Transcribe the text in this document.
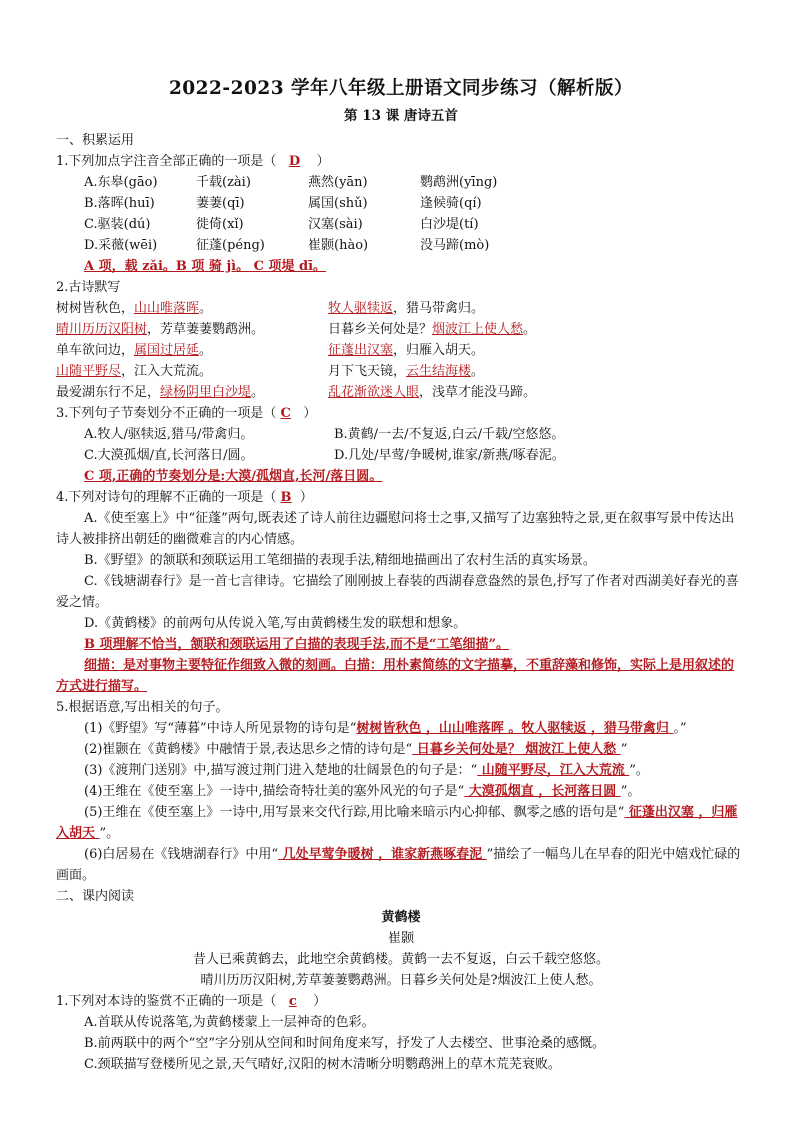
2022-2023 学年八年级上册语文同步练习（解析版）
第 13 课 唐诗五首
一、积累运用
1.下列加点字注音全部正确的一项是（ D ）
A.东皋(gāo)	千载(zài)	燕然(yān)	鹦鹉洲(yīng)
B.落晖(huī)	萋萋(qī)	属国(shǔ)	逢候骑(qí)
C.驱装(dú)	徙倚(xǐ)	汉塞(sài)	白沙堤(tí)
D.采薇(wēi)	征蓬(péng)	崔颢(hào)	没马蹄(mò)
A 项，载 zǎi。B 项 骑 jì。 C 项堤 dī。
2.古诗默写
树树皆秋色，山山唯落晖。	牧人驱犊返，猎马带禽归。
晴川历历汉阳树，芳草萋萋鹦鹉洲。	日暮乡关何处是？烟波江上使人愁。
单车欲问边，属国过居延。	征蓬出汉塞，归雁入胡天。
山随平野尽，江入大荒流。	月下飞天镜，云生结海楼。
最爱湖东行不足，绿杨阴里白沙堤。	乱花渐欲迷人眼，浅草才能没马蹄。
3.下列句子节奏划分不正确的一项是（ C ）
A.牧人/驱犊返,猎马/带禽归。	B.黄鹤/一去/不复返,白云/千载/空悠悠。
C.大漠孤烟/直,长河落日/圆。	D.几处/早莺/争暖树,谁家/新燕/啄春泥。
C 项,正确的节奏划分是:大漠/孤烟直,长河/落日圆。
4.下列对诗句的理解不正确的一项是（ B ）
A.《使至塞上》中“征蓬”两句,既表述了诗人前往边疆慰问将士之事,又描写了边塞独特之景,更在叙事写景中传达出诗人被排挤出朝廷的幽微难言的内心情感。
B.《野望》的颔联和颈联运用工笔细描的表现手法,精细地描画出了农村生活的真实场景。
C.《钱塘湖春行》是一首七言律诗。它描绘了刚刚披上春装的西湖春意盎然的景色,抒写了作者对西湖美好春光的喜爱之情。
D.《黄鹤楼》的前两句从传说入笔,写由黄鹤楼生发的联想和想象。
B 项理解不恰当，颔联和颈联运用了白描的表现手法,而不是“工笔细描”。
细描：是对事物主要特征作细致入微的刻画。白描：用朴素简练的文字描摹，不重辞藻和修饰，实际上是用叙述的方式进行描写。
5.根据语意,写出相关的句子。
(1)《野望》写“薄暮”中诗人所见景物的诗句是“树树皆秋色 ，山山唯落晖 。牧人驱犊返 ，猎马带禽归 。”
(2)崔颢在《黄鹤楼》中融情于景,表达思乡之情的诗句是“ 日暮乡关何处是？ 烟波江上使人愁 ”
(3)《渡荆门送别》中,描写渡过荆门进入楚地的壮阔景色的句子是：“ 山随平野尽，江入大荒流 ”。
(4)王维在《使至塞上》一诗中,描绘奇特壮美的塞外风光的句子是“ 大漠孤烟直 ，长河落日圆 ”。
(5)王维在《使至塞上》一诗中,用写景来交代行踪,用比喻来暗示内心抑郁、飘零之感的语句是“ 征蓬出汉塞 ，归雁入胡天 ”。
(6)白居易在《钱塘湖春行》中用“ 几处早莺争暖树 ，谁家新燕啄春泥 ”描绘了一幅鸟儿在早春的阳光中嬉戏忙碌的画面。
二、课内阅读
黄鹤楼
崔颢
昔人已乘黄鹤去，此地空余黄鹤楼。黄鹤一去不复返，白云千载空悠悠。
晴川历历汉阳树,芳草萋萋鹦鹉洲。日暮乡关何处是?烟波江上使人愁。
1.下列对本诗的鉴赏不正确的一项是（ c ）
A.首联从传说落笔,为黄鹤楼蒙上一层神奇的色彩。
B.前两联中的两个“空”字分别从空间和时间角度来写，抒发了人去楼空、世事沧桑的感慨。
C.颈联描写登楼所见之景,天气晴好,汉阳的树木清晰分明鹦鹉洲上的草木荒芜衰败。
